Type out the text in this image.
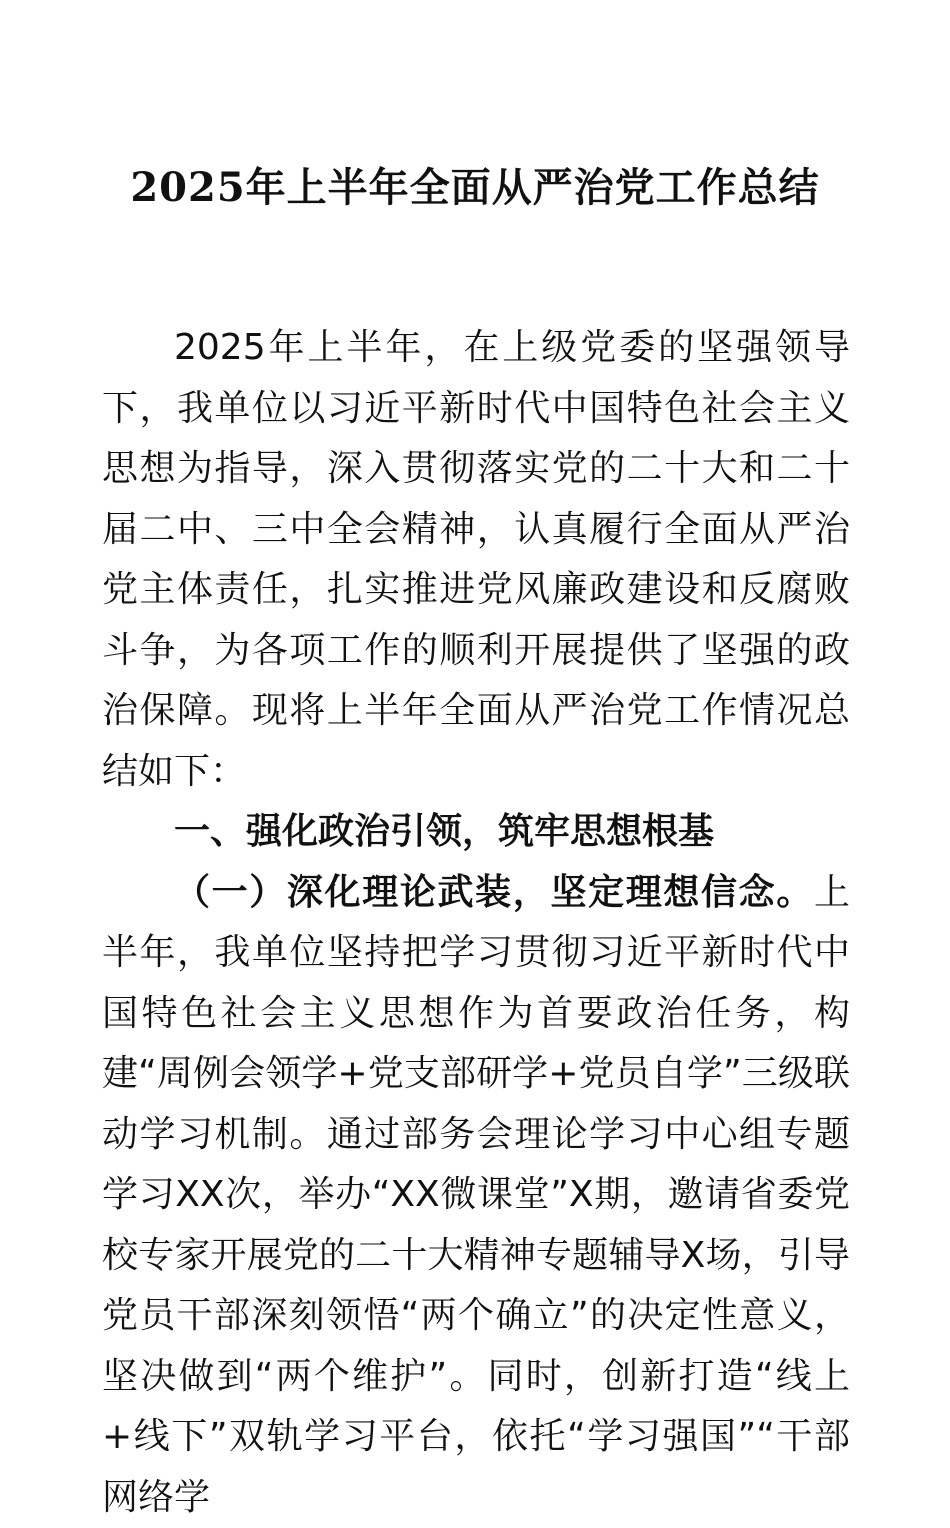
2025年上半年全面从严治党工作总结

2025年上半年，在上级党委的坚强领导下，我单位以习近平新时代中国特色社会主义思想为指导，深入贯彻落实党的二十大和二十届二中、三中全会精神，认真履行全面从严治党主体责任，扎实推进党风廉政建设和反腐败斗争，为各项工作的顺利开展提供了坚强的政治保障。现将上半年全面从严治党工作情况总结如下：

一、强化政治引领，筑牢思想根基

（一）深化理论武装，坚定理想信念。上半年，我单位坚持把学习贯彻习近平新时代中国特色社会主义思想作为首要政治任务，构建“周例会领学+党支部研学+党员自学”三级联动学习机制。通过部务会理论学习中心组专题学习XX次，举办“XX微课堂”X期，邀请省委党校专家开展党的二十大精神专题辅导X场，引导党员干部深刻领悟“两个确立”的决定性意义，坚决做到“两个维护”。同时，创新打造“线上+线下”双轨学习平台，依托“学习强国”“干部网络学
